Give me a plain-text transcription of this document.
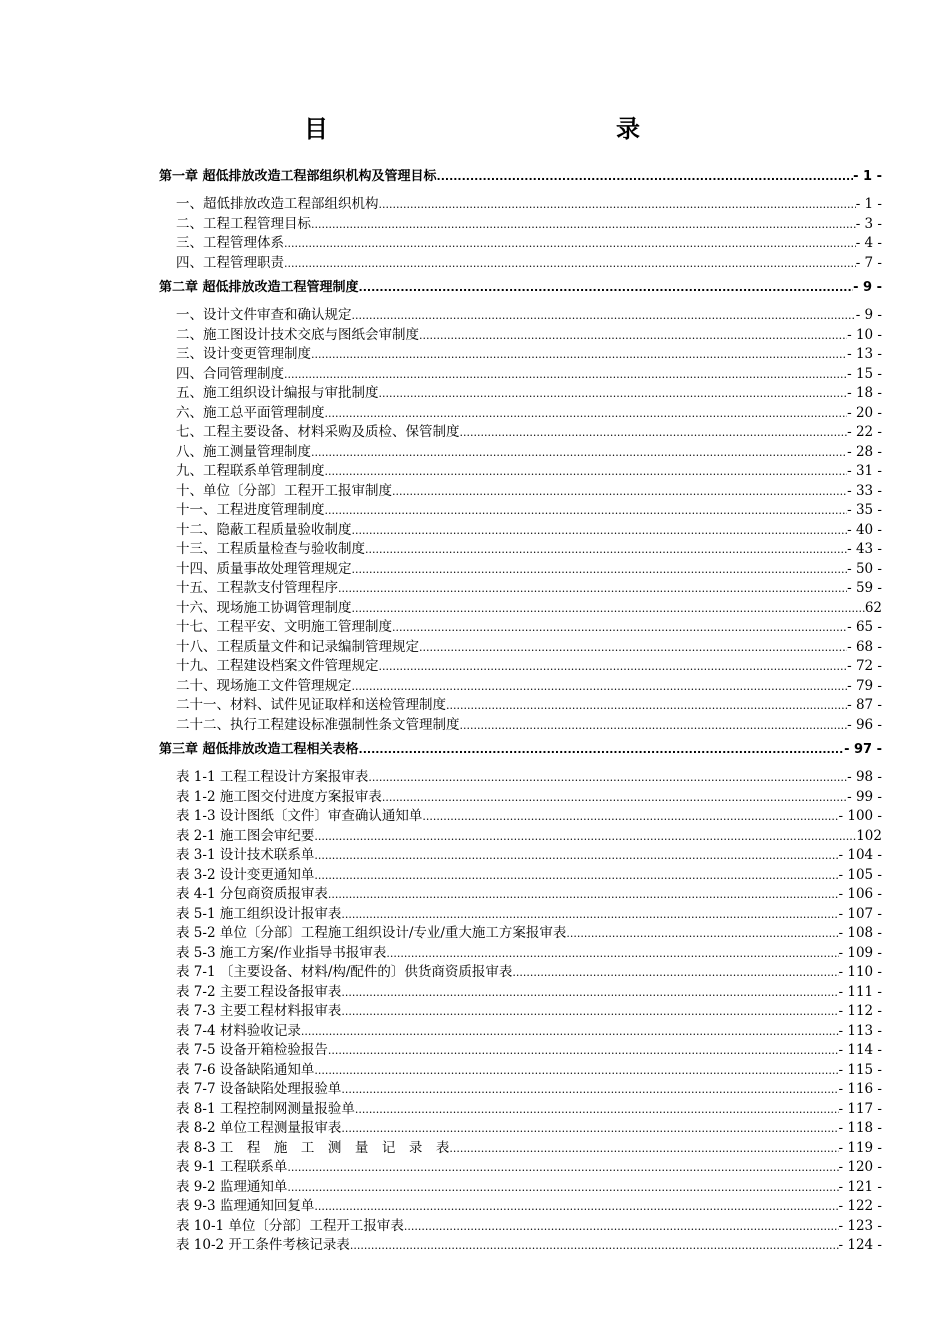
目　　录
第一章 超低排放改造工程部组织机构及管理目标 .....	- 1 -
一、超低排放改造工程部组织机构 .....	- 1 -
二、工程工程管理目标 .....	- 3 -
三、工程管理体系 .....	- 4 -
四、工程管理职责 .....	- 7 -
第二章 超低排放改造工程管理制度 .....	- 9 -
一、设计文件审查和确认规定 .....	- 9 -
二、施工图设计技术交底与图纸会审制度 .....	- 10 -
三、设计变更管理制度 .....	- 13 -
四、合同管理制度 .....	- 15 -
五、施工组织设计编报与审批制度 .....	- 18 -
六、施工总平面管理制度 .....	- 20 -
七、工程主要设备、材料采购及质检、保管制度 .....	- 22 -
八、施工测量管理制度 .....	- 28 -
九、工程联系单管理制度 .....	- 31 -
十、单位〔分部〕工程开工报审制度 .....	- 33 -
十一、工程进度管理制度 .....	- 35 -
十二、隐蔽工程质量验收制度 .....	- 40 -
十三、工程质量检查与验收制度 .....	- 43 -
十四、质量事故处理管理规定 .....	- 50 -
十五、工程款支付管理程序 .....	- 59 -
十六、现场施工协调管理制度 .....	62
十七、工程平安、文明施工管理制度 .....	- 65 -
十八、工程质量文件和记录编制管理规定 .....	- 68 -
十九、工程建设档案文件管理规定 .....	- 72 -
二十、现场施工文件管理规定 .....	- 79 -
二十一、材料、试件见证取样和送检管理制度 .....	- 87 -
二十二、执行工程建设标准强制性条文管理制度 .....	- 96 -
第三章 超低排放改造工程相关表格 .....	- 97 -
表 1-1 工程工程设计方案报审表 .....	- 98 -
表 1-2 施工图交付进度方案报审表 .....	- 99 -
表 1-3 设计图纸〔文件〕审查确认通知单 .....	- 100 -
表 2-1 施工图会审纪要 .....	102
表 3-1 设计技术联系单 .....	- 104 -
表 3-2 设计变更通知单 .....	- 105 -
表 4-1 分包商资质报审表 .....	- 106 -
表 5-1 施工组织设计报审表 .....	- 107 -
表 5-2 单位〔分部〕工程施工组织设计/专业/重大施工方案报审表 .....	- 108 -
表 5-3 施工方案/作业指导书报审表 .....	- 109 -
表 7-1 〔主要设备、材料/构/配件的〕供货商资质报审表 .....	- 110 -
表 7-2 主要工程设备报审表 .....	- 111 -
表 7-3 主要工程材料报审表 .....	- 112 -
表 7-4 材料验收记录 .....	- 113 -
表 7-5 设备开箱检验报告 .....	- 114 -
表 7-6 设备缺陷通知单 .....	- 115 -
表 7-7 设备缺陷处理报验单 .....	- 116 -
表 8-1 工程控制网测量报验单 .....	- 117 -
表 8-2 单位工程测量报审表 .....	- 118 -
表 8-3 工　程　施　工　测　量　记　录　表 .....	- 119 -
表 9-1 工程联系单 .....	- 120 -
表 9-2 监理通知单 .....	- 121 -
表 9-3 监理通知回复单 .....	- 122 -
表 10-1 单位〔分部〕工程开工报审表 .....	- 123 -
表 10-2 开工条件考核记录表 .....	- 124 -
